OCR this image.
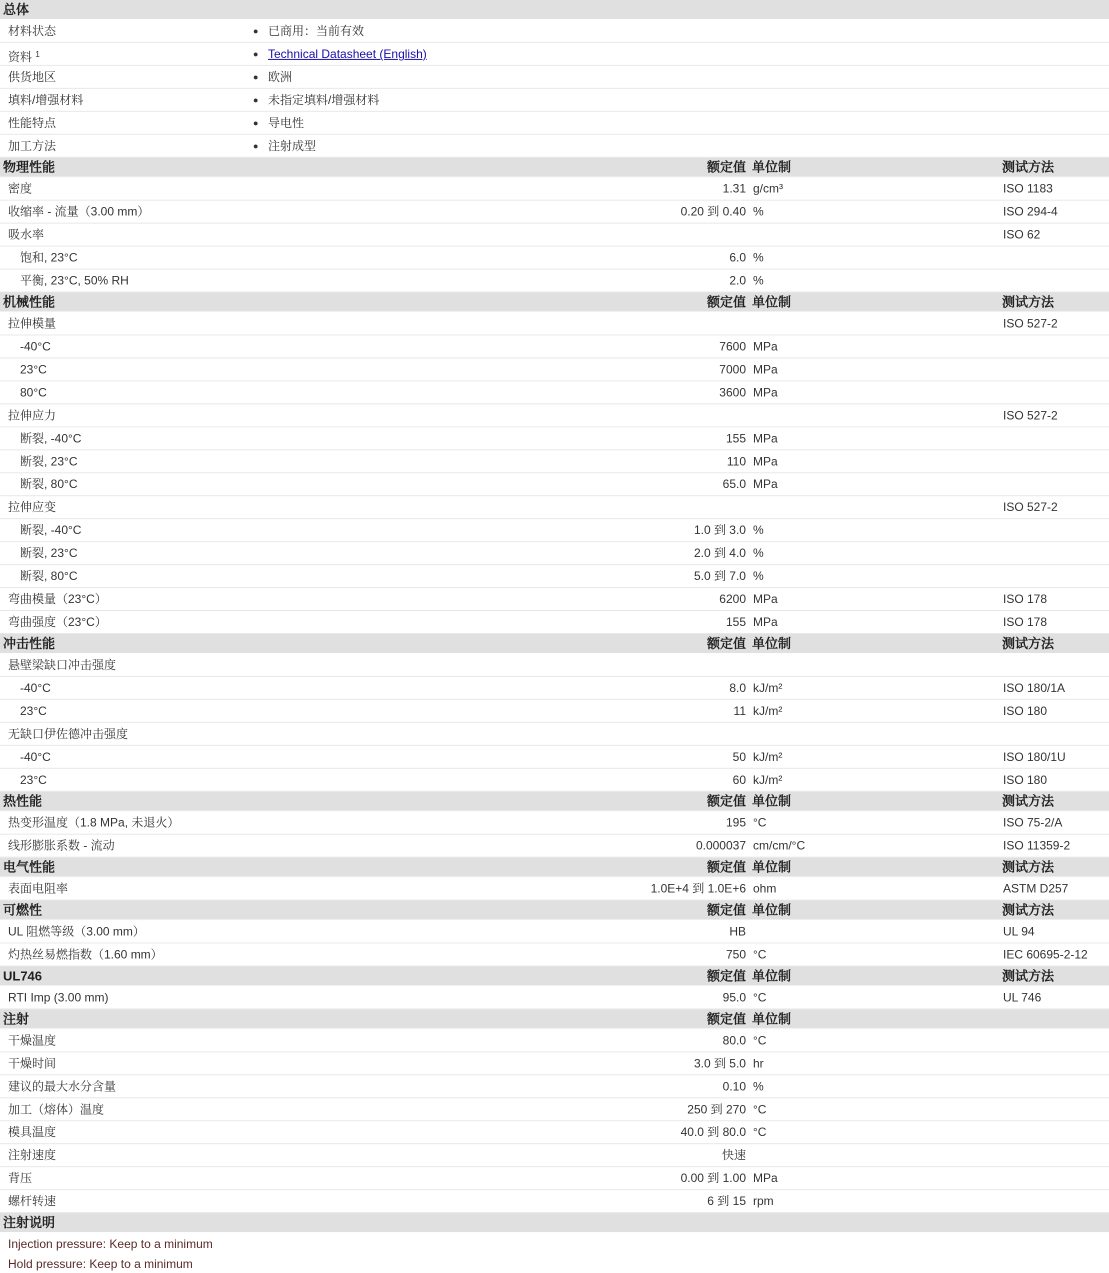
总体
材料状态	● 已商用：当前有效
资料 $^1$	● Technical Datasheet (English)
供货地区	● 欧洲
填料/增强材料	● 未指定填料/增强材料
性能特点	● 导电性
加工方法	● 注射成型
物理性能	额定值 单位制	测试方法
密度	1.31 g/cm³	ISO 1183
收缩率 - 流量（3.00 mm）	0.20 到 0.40 %	ISO 294-4
吸水率	ISO 62
饱和, 23°C	6.0 %
平衡, 23°C, 50% RH	2.0 %
机械性能	额定值 单位制	测试方法
拉伸模量	ISO 527-2
-40°C	7600 MPa
23°C	7000 MPa
80°C	3600 MPa
拉伸应力	ISO 527-2
断裂, -40°C	155 MPa
断裂, 23°C	110 MPa
断裂, 80°C	65.0 MPa
拉伸应变	ISO 527-2
断裂, -40°C	1.0 到 3.0 %
断裂, 23°C	2.0 到 4.0 %
断裂, 80°C	5.0 到 7.0 %
弯曲模量（23°C）	6200 MPa	ISO 178
弯曲强度（23°C）	155 MPa	ISO 178
冲击性能	额定值 单位制	测试方法
悬壁梁缺口冲击强度
-40°C	8.0 kJ/m²	ISO 180/1A
23°C	11 kJ/m²	ISO 180
无缺口伊佐德冲击强度
-40°C	50 kJ/m²	ISO 180/1U
23°C	60 kJ/m²	ISO 180
热性能	额定值 单位制	测试方法
热变形温度（1.8 MPa, 未退火）	195 °C	ISO 75-2/A
线形膨胀系数 - 流动	0.000037 cm/cm/°C	ISO 11359-2
电气性能	额定值 单位制	测试方法
表面电阻率	1.0E+4 到 1.0E+6 ohm	ASTM D257
可燃性	额定值 单位制	测试方法
UL 阻燃等级（3.00 mm）	HB	UL 94
灼热丝易燃指数（1.60 mm）	750 °C	IEC 60695-2-12
UL746	额定值 单位制	测试方法
RTI Imp (3.00 mm)	95.0 °C	UL 746
注射	额定值 单位制
干燥温度	80.0 °C
干燥时间	3.0 到 5.0 hr
建议的最大水分含量	0.10 %
加工（熔体）温度	250 到 270 °C
模具温度	40.0 到 80.0 °C
注射速度	快速
背压	0.00 到 1.00 MPa
螺杆转速	6 到 15 rpm
注射说明
Injection pressure: Keep to a minimum
Hold pressure: Keep to a minimum
